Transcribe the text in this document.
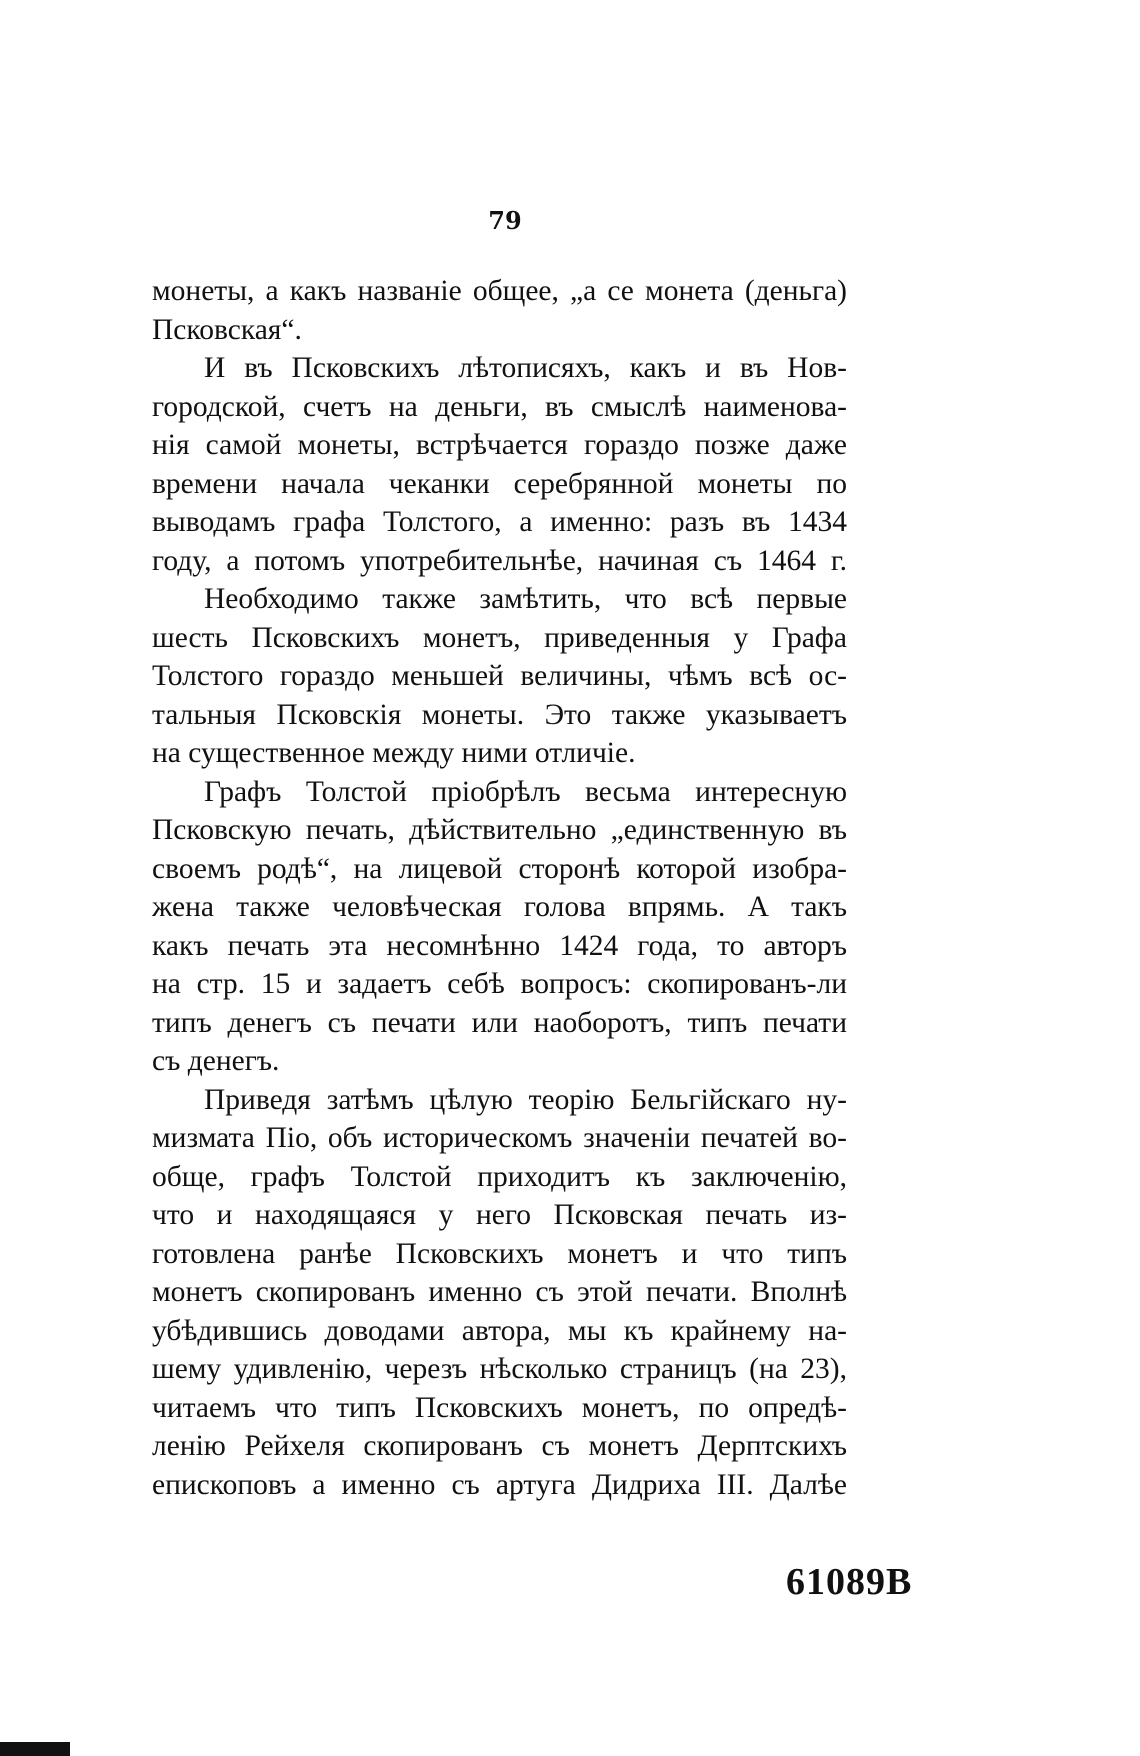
79
монеты, а какъ названіе общее, „а се монета (деньга)
Псковская“.
И въ Псковскихъ лѣтописяхъ, какъ и въ Нов-
городской, счетъ на деньги, въ смыслѣ наименова-
нія самой монеты, встрѣчается гораздо позже даже
времени начала чеканки серебрянной монеты по
выводамъ графа Толстого, а именно: разъ въ 1434
году, а потомъ употребительнѣе, начиная съ 1464 г.
Необходимо также замѣтить, что всѣ первые
шесть Псковскихъ монетъ, приведенныя у Графа
Толстого гораздо меньшей величины, чѣмъ всѣ ос-
тальныя Псковскія монеты. Это также указываетъ
на существенное между ними отличіе.
Графъ Толстой пріобрѣлъ весьма интересную
Псковскую печать, дѣйствительно „единственную въ
своемъ родѣ“, на лицевой сторонѣ которой изобра-
жена также человѣческая голова впрямь. А такъ
какъ печать эта несомнѣнно 1424 года, то авторъ
на стр. 15 и задаетъ себѣ вопросъ: скопированъ-ли
типъ денегъ съ печати или наоборотъ, типъ печати
съ денегъ.
Приведя затѣмъ цѣлую теорію Бельгійскаго ну-
мизмата Піо, объ историческомъ значеніи печатей во-
обще, графъ Толстой приходитъ къ заключенію,
что и находящаяся у него Псковская печать из-
готовлена ранѣе Псковскихъ монетъ и что типъ
монетъ скопированъ именно съ этой печати. Вполнѣ
убѣдившись доводами автора, мы къ крайнему на-
шему удивленію, черезъ нѣсколько страницъ (на 23),
читаемъ что типъ Псковскихъ монетъ, по опредѣ-
ленію Рейхеля скопированъ съ монетъ Дерптскихъ
епископовъ а именно съ артуга Дидриха III. Далѣе
61089B
